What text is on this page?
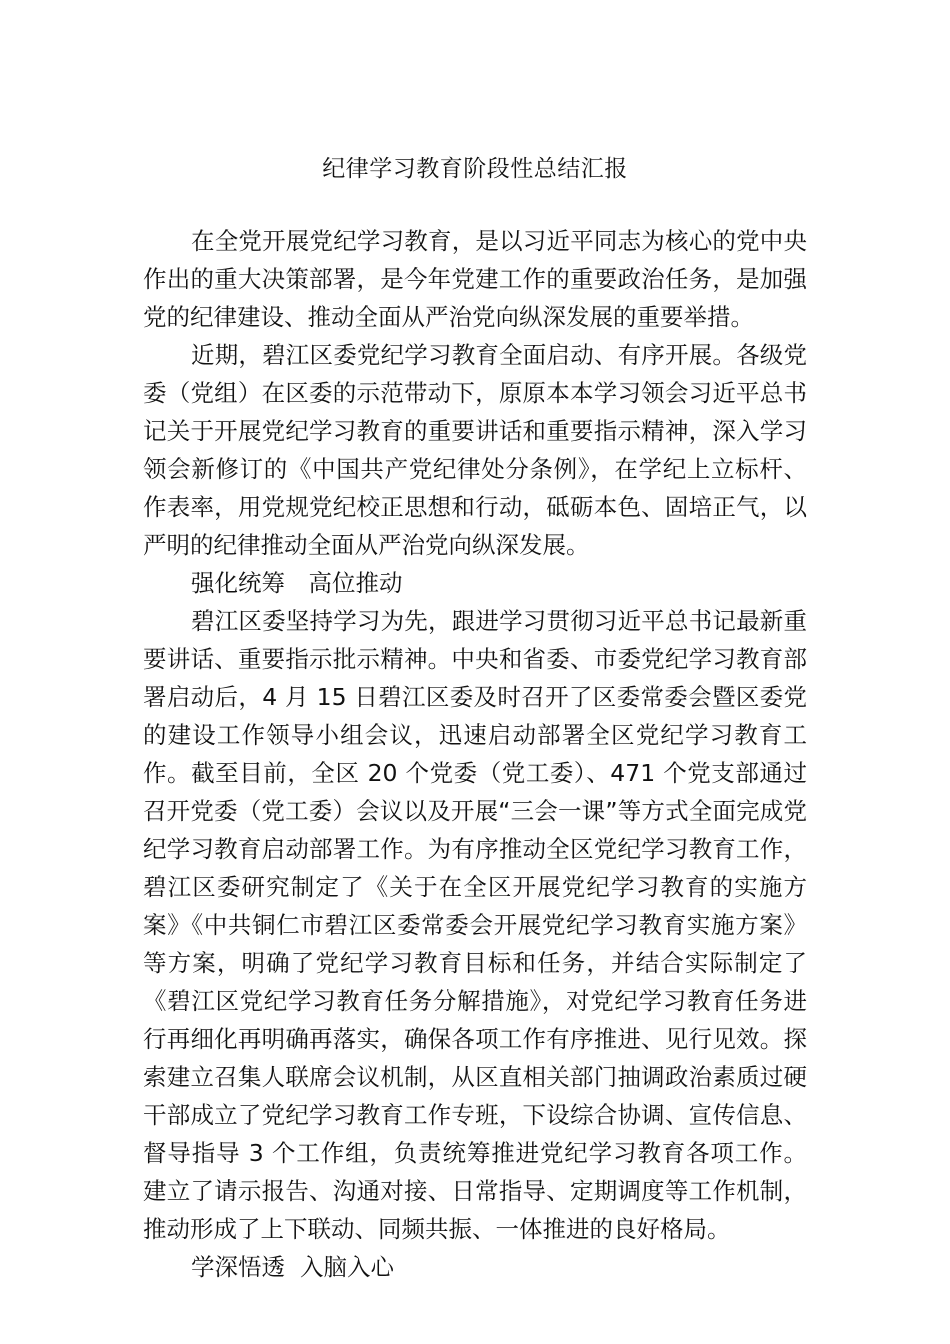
纪律学习教育阶段性总结汇报

在全党开展党纪学习教育，是以习近平同志为核心的党中央作出的重大决策部署，是今年党建工作的重要政治任务，是加强党的纪律建设、推动全面从严治党向纵深发展的重要举措。

近期，碧江区委党纪学习教育全面启动、有序开展。各级党委（党组）在区委的示范带动下，原原本本学习领会习近平总书记关于开展党纪学习教育的重要讲话和重要指示精神，深入学习领会新修订的《中国共产党纪律处分条例》，在学纪上立标杆、作表率，用党规党纪校正思想和行动，砥砺本色、固培正气，以严明的纪律推动全面从严治党向纵深发展。

强化统筹　高位推动

碧江区委坚持学习为先，跟进学习贯彻习近平总书记最新重要讲话、重要指示批示精神。中央和省委、市委党纪学习教育部署启动后，4 月 15 日碧江区委及时召开了区委常委会暨区委党的建设工作领导小组会议，迅速启动部署全区党纪学习教育工作。截至目前，全区 20 个党委（党工委）、471 个党支部通过召开党委（党工委）会议以及开展“三会一课”等方式全面完成党纪学习教育启动部署工作。为有序推动全区党纪学习教育工作，碧江区委研究制定了《关于在全区开展党纪学习教育的实施方案》《中共铜仁市碧江区委常委会开展党纪学习教育实施方案》等方案，明确了党纪学习教育目标和任务，并结合实际制定了《碧江区党纪学习教育任务分解措施》，对党纪学习教育任务进行再细化再明确再落实，确保各项工作有序推进、见行见效。探索建立召集人联席会议机制，从区直相关部门抽调政治素质过硬干部成立了党纪学习教育工作专班，下设综合协调、宣传信息、督导指导 3 个工作组，负责统筹推进党纪学习教育各项工作。建立了请示报告、沟通对接、日常指导、定期调度等工作机制，推动形成了上下联动、同频共振、一体推进的良好格局。

学深悟透  入脑入心
